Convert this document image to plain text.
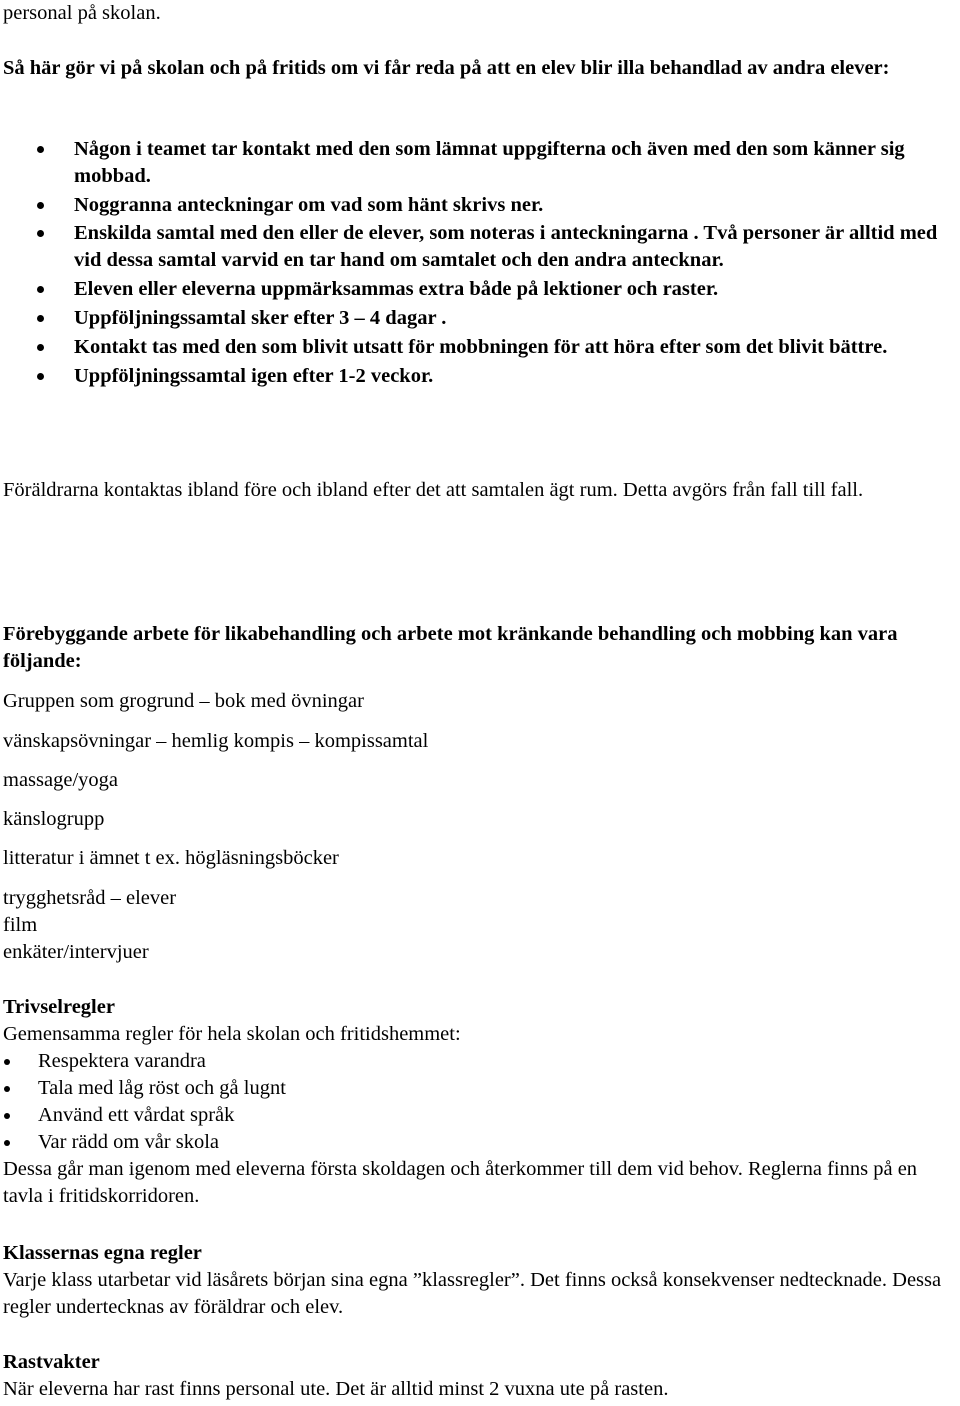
personal på skolan.

Så här gör vi på skolan och på fritids om vi får reda på att en elev blir illa behandlad av andra elever:

Någon i teamet tar kontakt med den som lämnat uppgifterna och även med den som känner sig mobbad.
Noggranna anteckningar om vad som hänt skrivs ner.
Enskilda samtal med den eller de elever, som noteras i anteckningarna . Två personer är alltid med vid dessa samtal varvid en tar hand om samtalet och den andra antecknar.
Eleven eller eleverna uppmärksammas extra både på lektioner och raster.
Uppföljningssamtal sker efter 3 – 4 dagar .
Kontakt tas med den som blivit utsatt för mobbningen för att höra efter som det blivit bättre.
Uppföljningssamtal igen efter 1-2 veckor.

Föräldrarna kontaktas ibland före och ibland efter det att samtalen ägt rum. Detta avgörs från fall till fall.

Förebyggande arbete för likabehandling och arbete mot kränkande behandling och mobbing kan vara följande:

Gruppen som grogrund – bok med övningar
vänskapsövningar – hemlig kompis – kompissamtal
massage/yoga
känslogrupp
litteratur i ämnet t ex. högläsningsböcker
trygghetsråd – elever
film
enkäter/intervjuer

Trivselregler

Gemensamma regler för hela skolan och fritidshemmet:

Respektera varandra
Tala med låg röst och gå lugnt
Använd ett vårdat språk
Var rädd om vår skola

Dessa går man igenom med eleverna första skoldagen och återkommer till dem vid behov. Reglerna finns på en tavla i fritidskorridoren.

Klassernas egna regler

Varje klass utarbetar vid läsårets början sina egna ”klassregler”. Det finns också konsekvenser nedtecknade. Dessa regler undertecknas av föräldrar och elev.

Rastvakter

När eleverna har rast finns personal ute. Det är alltid minst 2 vuxna ute på rasten.
